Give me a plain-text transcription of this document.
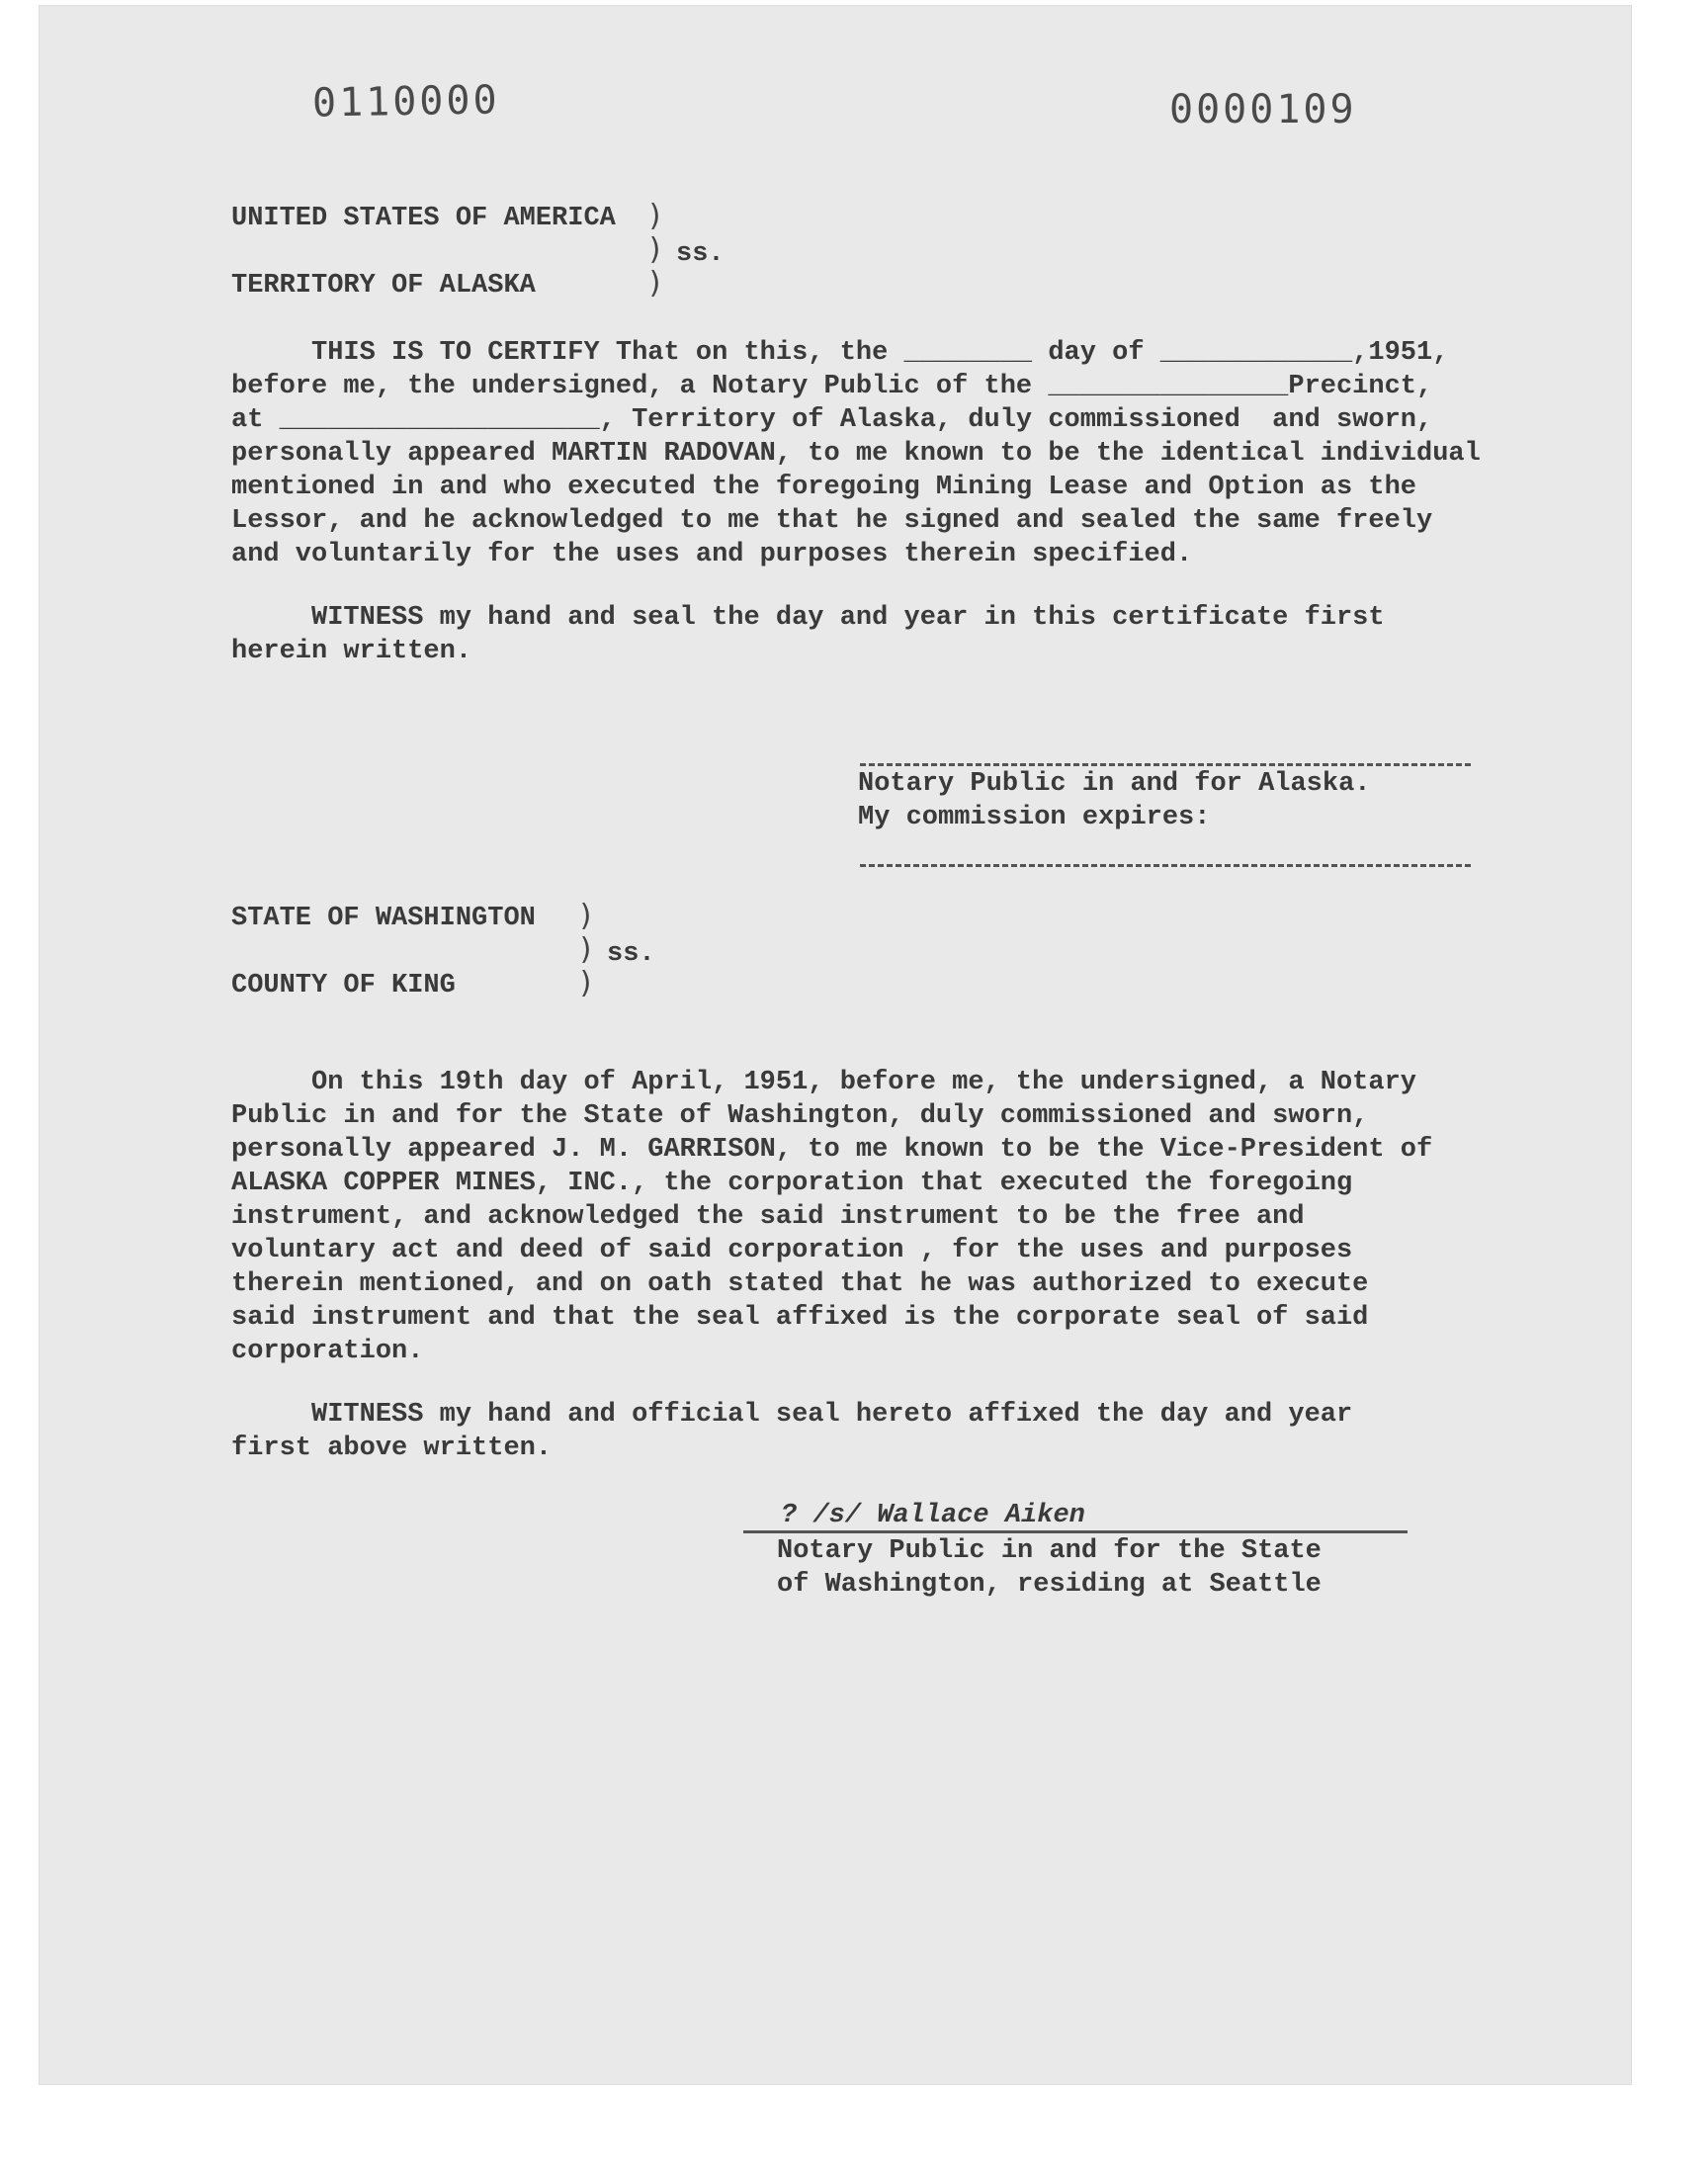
0110000	0000109
UNITED STATES OF AMERICA
TERRITORY OF ALASKA
)
)
)
ss.
THIS IS TO CERTIFY That on this, the ________ day of ____________,1951,
before me, the undersigned, a Notary Public of the _______________Precinct,
at ____________________, Territory of Alaska, duly commissioned  and sworn,
personally appeared MARTIN RADOVAN, to me known to be the identical individual
mentioned in and who executed the foregoing Mining Lease and Option as the
Lessor, and he acknowledged to me that he signed and sealed the same freely
and voluntarily for the uses and purposes therein specified.
WITNESS my hand and seal the day and year in this certificate first
herein written.
Notary Public in and for Alaska.
My commission expires:
STATE OF WASHINGTON
COUNTY OF KING
)
)
)
ss.
On this 19th day of April, 1951, before me, the undersigned, a Notary
Public in and for the State of Washington, duly commissioned and sworn,
personally appeared J. M. GARRISON, to me known to be the Vice-President of
ALASKA COPPER MINES, INC., the corporation that executed the foregoing
instrument, and acknowledged the said instrument to be the free and
voluntary act and deed of said corporation , for the uses and purposes
therein mentioned, and on oath stated that he was authorized to execute
said instrument and that the seal affixed is the corporate seal of said
corporation.
WITNESS my hand and official seal hereto affixed the day and year
first above written.
? /s/ Wallace Aiken
Notary Public in and for the State
of Washington, residing at Seattle
